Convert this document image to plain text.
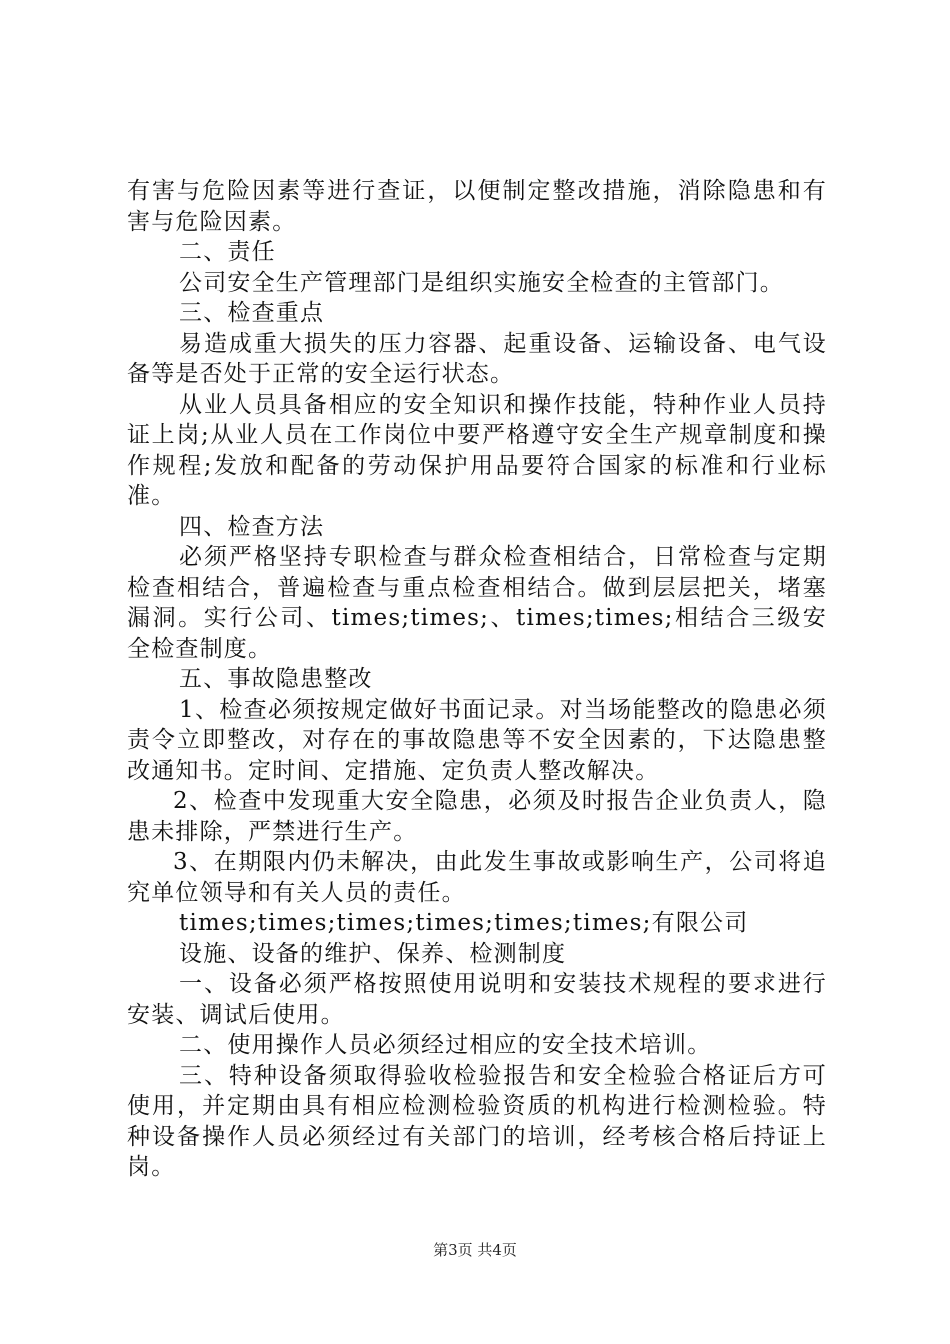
有害与危险因素等进行查证，以便制定整改措施，消除隐患和有害与危险因素。

二、责任

公司安全生产管理部门是组织实施安全检查的主管部门。

三、检查重点

易造成重大损失的压力容器、起重设备、运输设备、电气设备等是否处于正常的安全运行状态。

从业人员具备相应的安全知识和操作技能，特种作业人员持证上岗;从业人员在工作岗位中要严格遵守安全生产规章制度和操作规程;发放和配备的劳动保护用品要符合国家的标准和行业标准。

四、检查方法

必须严格坚持专职检查与群众检查相结合，日常检查与定期检查相结合，普遍检查与重点检查相结合。做到层层把关，堵塞漏洞。实行公司、times;times;、times;times;相结合三级安全检查制度。

五、事故隐患整改

1、检查必须按规定做好书面记录。对当场能整改的隐患必须责令立即整改，对存在的事故隐患等不安全因素的，下达隐患整改通知书。定时间、定措施、定负责人整改解决。

2、检查中发现重大安全隐患，必须及时报告企业负责人，隐患未排除，严禁进行生产。

3、在期限内仍未解决，由此发生事故或影响生产，公司将追究单位领导和有关人员的责任。

times;times;times;times;times;times;有限公司

设施、设备的维护、保养、检测制度

一、设备必须严格按照使用说明和安装技术规程的要求进行安装、调试后使用。

二、使用操作人员必须经过相应的安全技术培训。

三、特种设备须取得验收检验报告和安全检验合格证后方可使用，并定期由具有相应检测检验资质的机构进行检测检验。特种设备操作人员必须经过有关部门的培训，经考核合格后持证上岗。

第3页 共4页
